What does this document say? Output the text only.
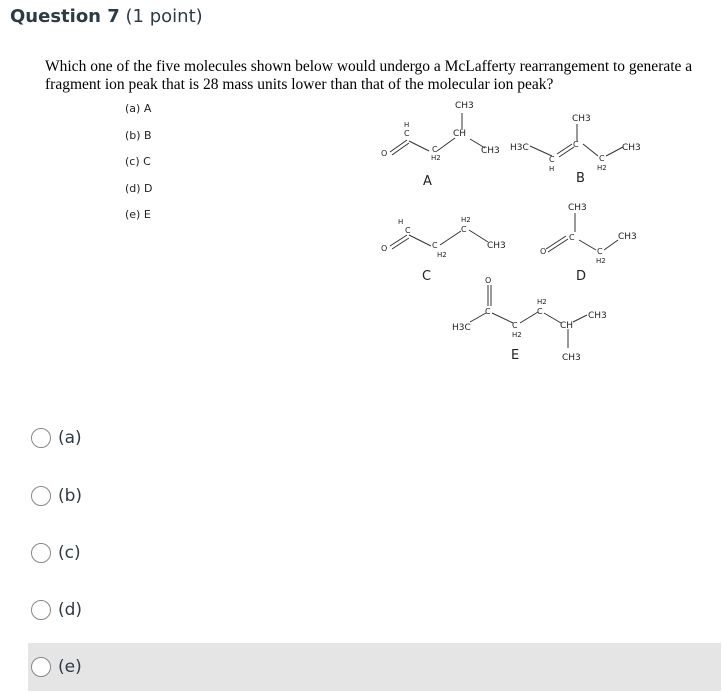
Question 7 (1 point)
Which one of the five molecules shown below would undergo a McLafferty rearrangement to generate a fragment ion peak that is 28 mass units lower than that of the molecular ion peak?
(a) A
(b) B
(c) C
(d) D
(e) E
CH3
H
C
C
H2
CH
CH3
O
A
H3C
C
H
C
CH3
C
H2
CH3
B
H
C
C
H2
H2
C
CH3
O
C
CH3
C
C
H2
CH3
O
D
O
C
H3C	C
H2
H2
C
CH
CH3
CH3
E
(a)
(b)
(c)
(d)
(e)
